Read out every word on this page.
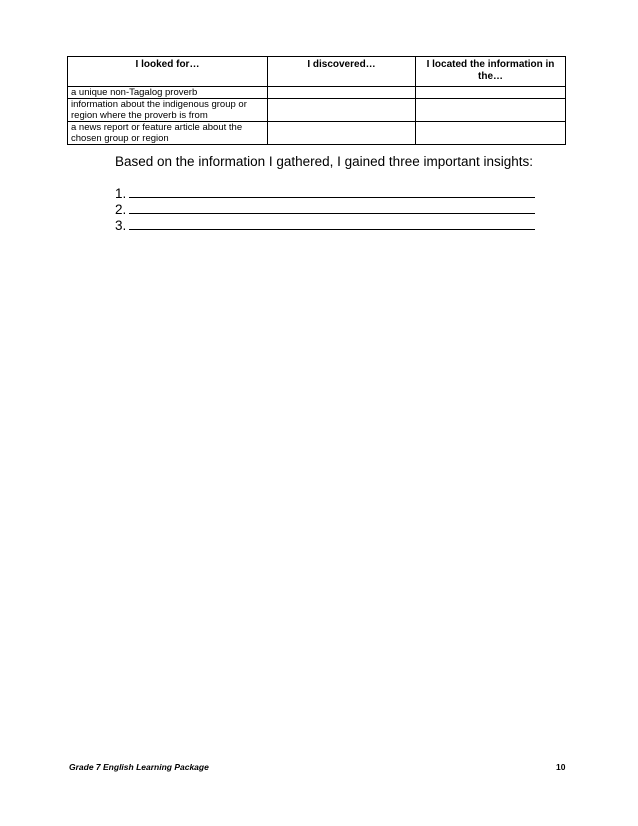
I looked for…	I discovered…	I located the information in the…
a unique non-Tagalog proverb		
information about the indigenous group or region where the proverb is from		
a news report or feature article about the chosen group or region		
Based on the information I gathered, I gained three important insights:
1.
2.
3.
Grade 7 English Learning Package	10
